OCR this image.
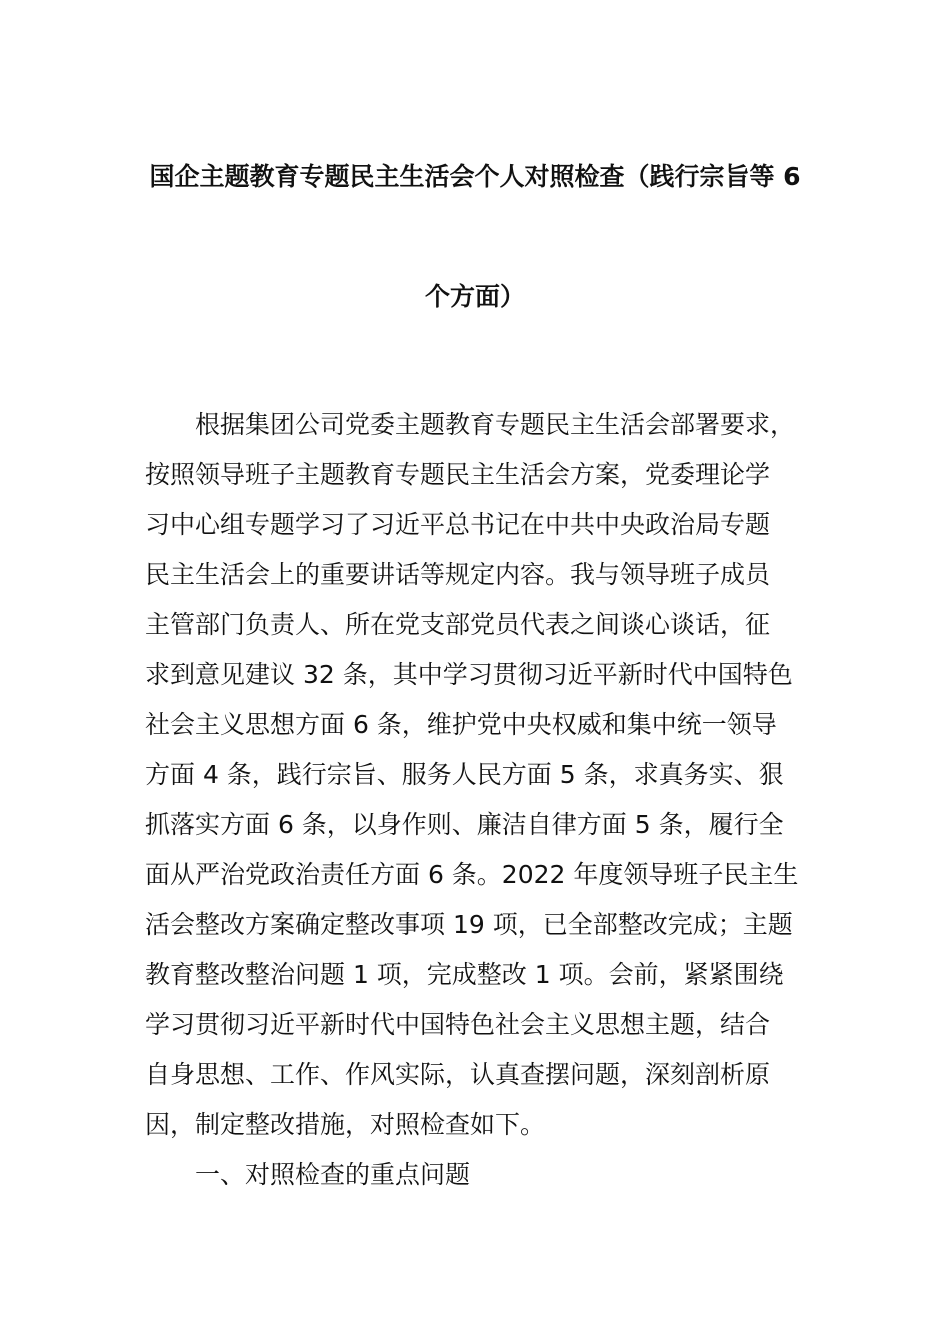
国企主题教育专题民主生活会个人对照检查（践行宗旨等 6
个方面）
根据集团公司党委主题教育专题民主生活会部署要求，
按照领导班子主题教育专题民主生活会方案，党委理论学
习中心组专题学习了习近平总书记在中共中央政治局专题
民主生活会上的重要讲话等规定内容。我与领导班子成员
主管部门负责人、所在党支部党员代表之间谈心谈话，征
求到意见建议 32 条，其中学习贯彻习近平新时代中国特色
社会主义思想方面 6 条，维护党中央权威和集中统一领导
方面 4 条，践行宗旨、服务人民方面 5 条，求真务实、狠
抓落实方面 6 条，以身作则、廉洁自律方面 5 条，履行全
面从严治党政治责任方面 6 条。2022 年度领导班子民主生
活会整改方案确定整改事项 19 项，已全部整改完成；主题
教育整改整治问题 1 项，完成整改 1 项。会前，紧紧围绕
学习贯彻习近平新时代中国特色社会主义思想主题，结合
自身思想、工作、作风实际，认真查摆问题，深刻剖析原
因，制定整改措施，对照检查如下。
一、对照检查的重点问题
